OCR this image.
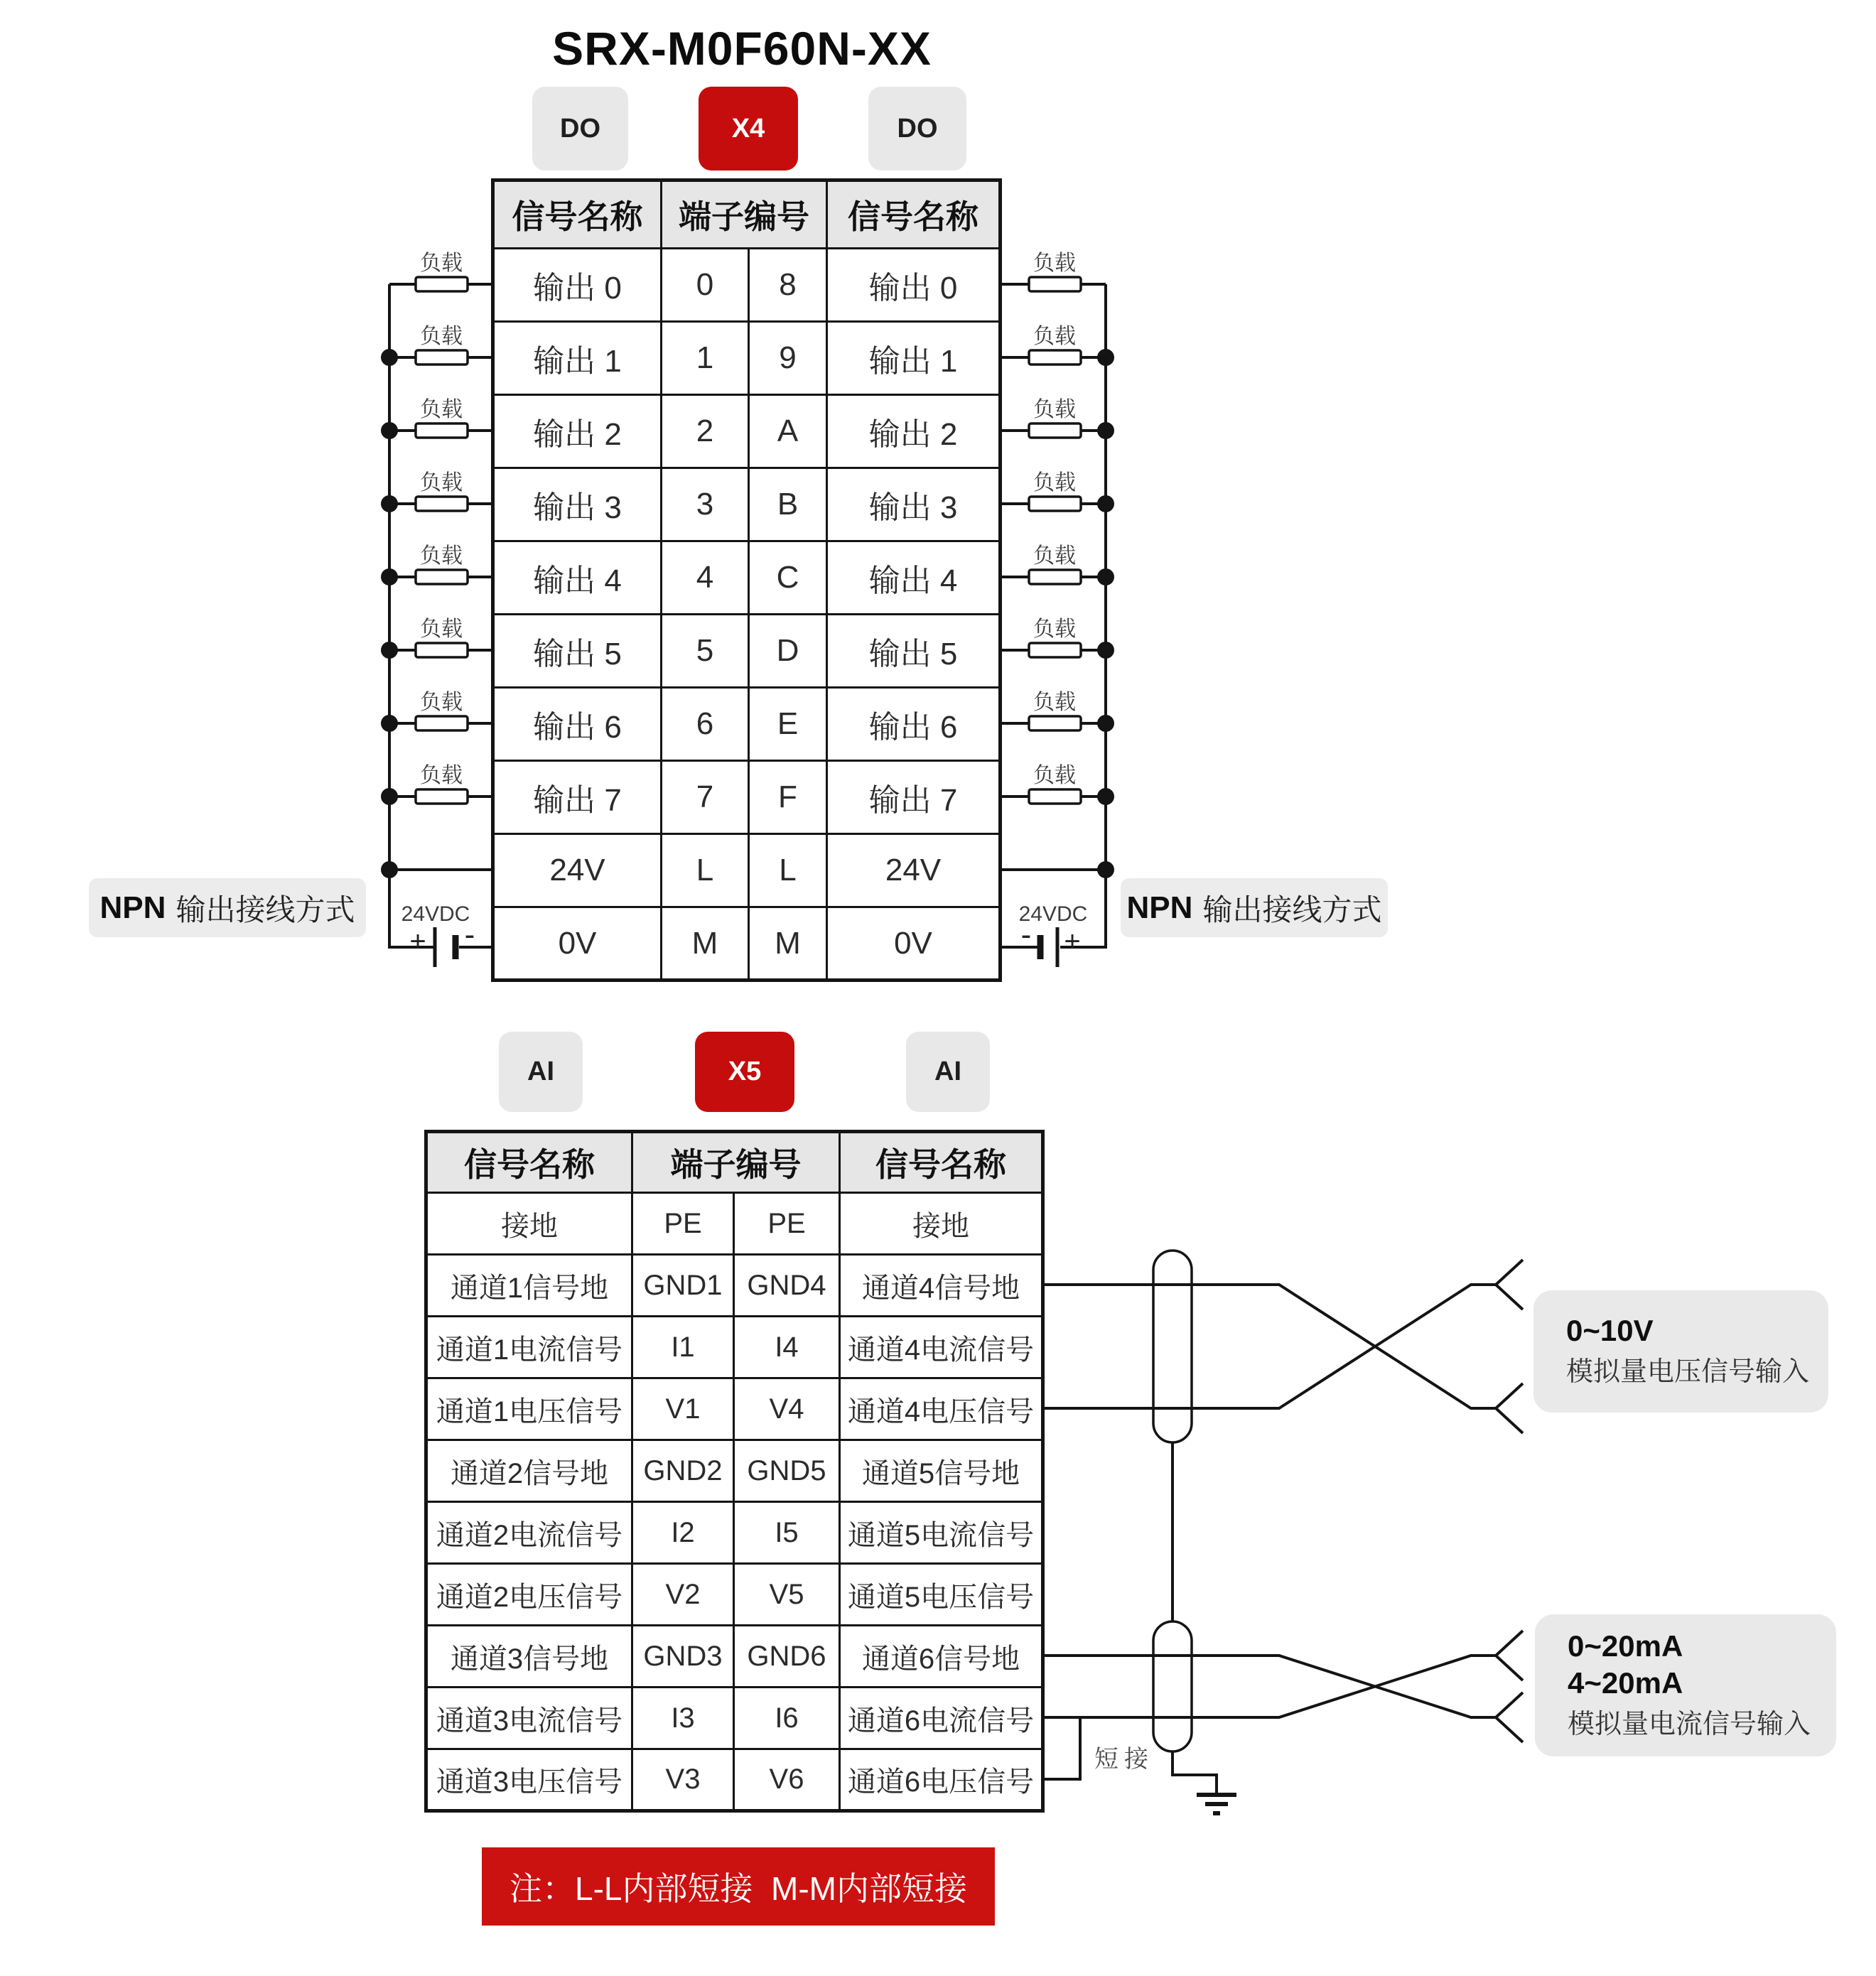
负载
负载
负载
负载
负载
负载
负载
负载
负载
负载
负载
负载
负载
负载
负载
负载
24VDC	24VDC
+ -	- +
SRX-M0F60N-XX
DO	X4	DO
信号名称	端子编号		信号名称
输出 0	0	8	输出 0
输出 1	1	9	输出 1
输出 2	2	A	输出 2
输出 3	3	B	输出 3
输出 4	4	C	输出 4
输出 5	5	D	输出 5
输出 6	6	E	输出 6
输出 7	7	F	输出 7
24V	L	L	24V
0V	M	M	0V
NPN 输出接线方式	NPN 输出接线方式
AI	X5	AI
信号名称	端子编号		信号名称
接地	PE	PE	接地
通道1信号地	GND1	GND4	通道4信号地
通道1电流信号	I1	I4	通道4电流信号
通道1电压信号	V1	V4	通道4电压信号
通道2信号地	GND2	GND5	通道5信号地
通道2电流信号	I2	I5	通道5电流信号
通道2电压信号	V2	V5	通道5电压信号
通道3信号地	GND3	GND6	通道6信号地
通道3电流信号	I3	I6	通道6电流信号
通道3电压信号	V3	V6	通道6电压信号
短接
0~10V
模拟量电压信号输入
0~20mA
4~20mA
模拟量电流信号输入
注：L-L内部短接  M-M内部短接
